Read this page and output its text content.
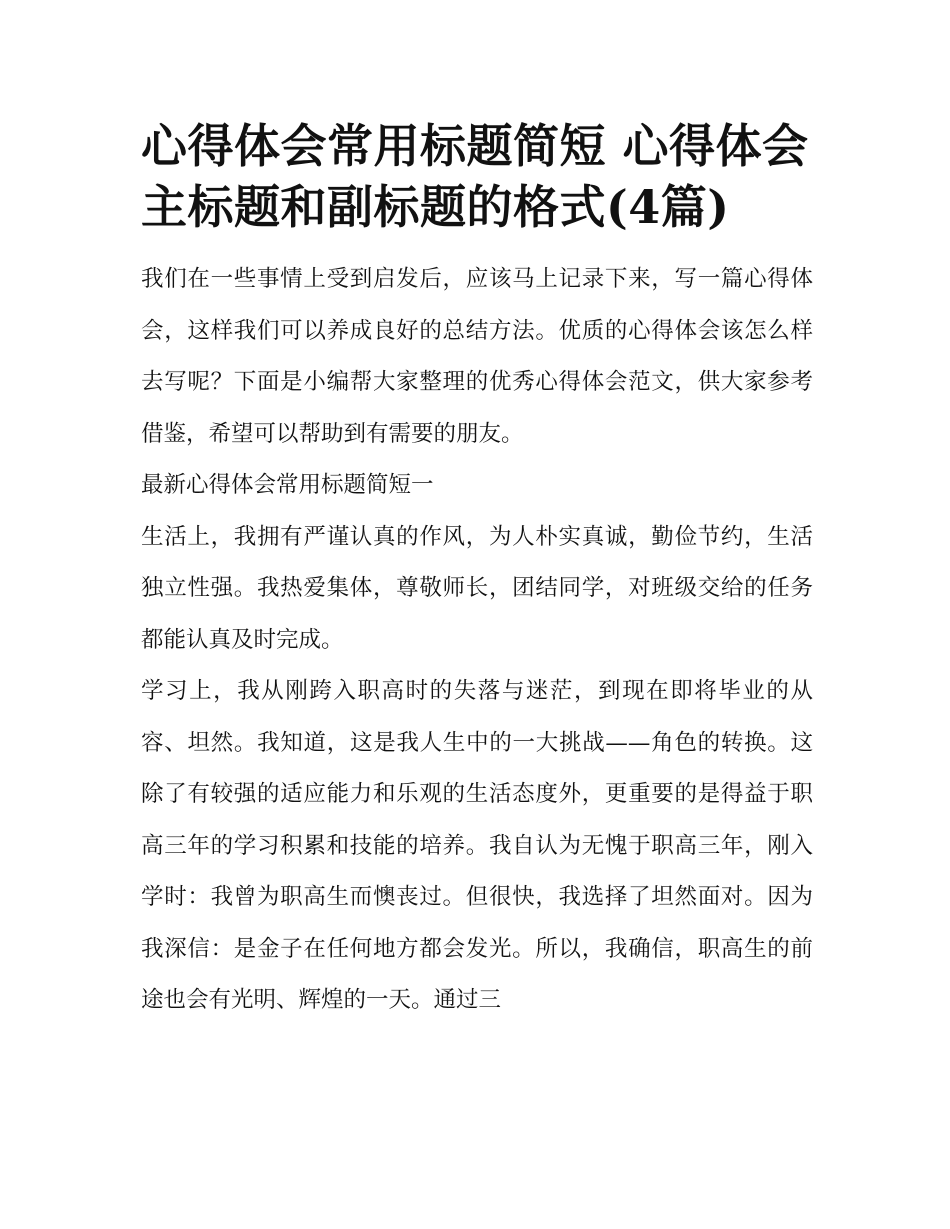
心得体会常用标题简短 心得体会主标题和副标题的格式(4篇)

我们在一些事情上受到启发后，应该马上记录下来，写一篇心得体会，这样我们可以养成良好的总结方法。优质的心得体会该怎么样去写呢？下面是小编帮大家整理的优秀心得体会范文，供大家参考借鉴，希望可以帮助到有需要的朋友。

最新心得体会常用标题简短一

生活上，我拥有严谨认真的作风，为人朴实真诚，勤俭节约，生活独立性强。我热爱集体，尊敬师长，团结同学，对班级交给的任务都能认真及时完成。

学习上，我从刚跨入职高时的失落与迷茫，到现在即将毕业的从容、坦然。我知道，这是我人生中的一大挑战——角色的转换。这除了有较强的适应能力和乐观的生活态度外，更重要的是得益于职高三年的学习积累和技能的培养。我自认为无愧于职高三年，刚入学时：我曾为职高生而懊丧过。但很快，我选择了坦然面对。因为我深信：是金子在任何地方都会发光。所以，我确信，职高生的前途也会有光明、辉煌的一天。通过三
